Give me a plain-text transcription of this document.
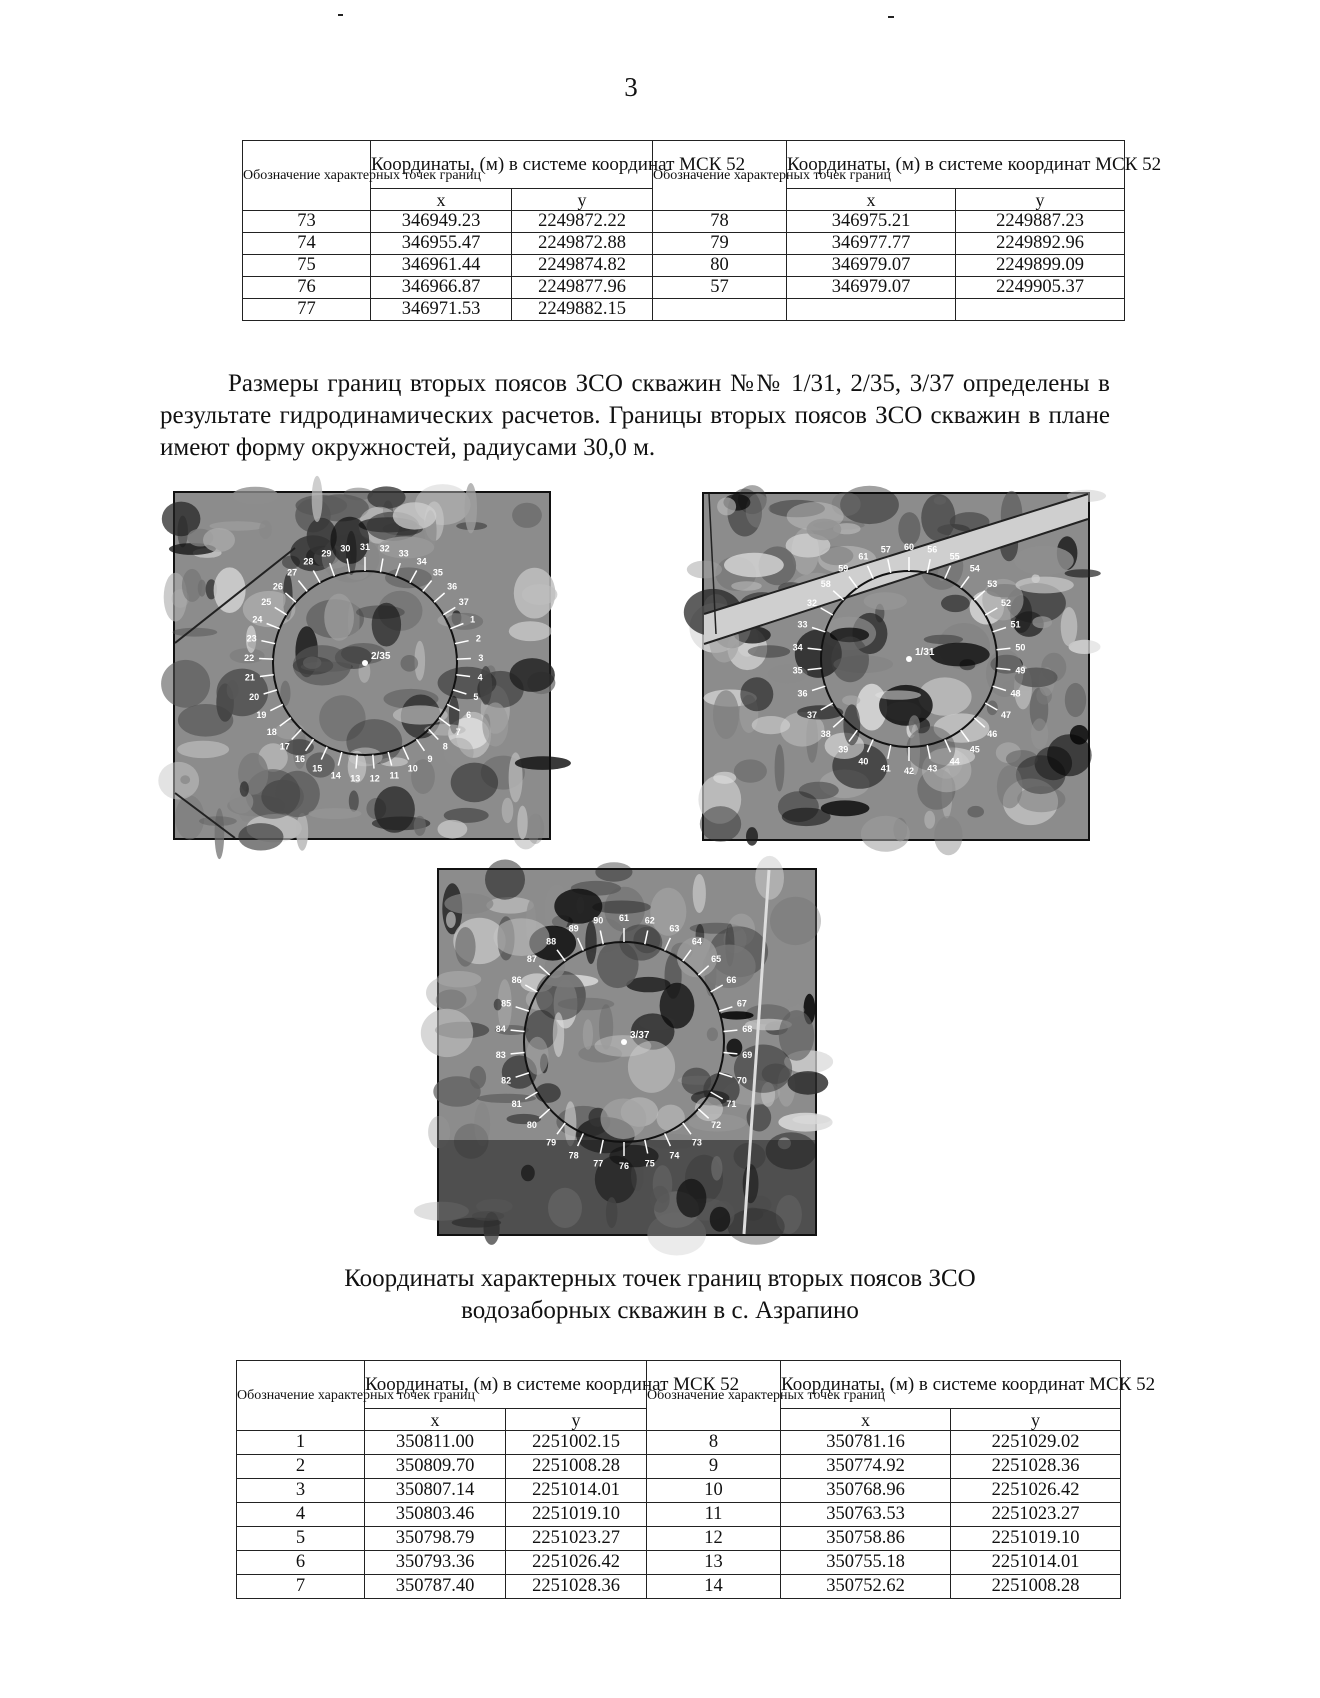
3
Обозначение характерных точек границ	Координаты, (м) в системе координат МСК 52		Обозначение характерных точек границ	Координаты, (м) в системе координат МСК 52	
	x	y		x	y
73	346949.23	2249872.22	78	346975.21	2249887.23
74	346955.47	2249872.88	79	346977.77	2249892.96
75	346961.44	2249874.82	80	346979.07	2249899.09
76	346966.87	2249877.96	57	346979.07	2249905.37
77	346971.53	2249882.15			
Размеры границ вторых поясов ЗСО скважин №№ 1/31, 2/35, 3/37 определены в результате гидродинамических расчетов. Границы вторых поясов ЗСО скважин в плане имеют форму окружностей, радиусами 30,0 м.
31 32 33
34
35
36
37
1
2
3
4
5
6
7
8
9
10
11
12
13
14
15
16
17
18
19
20
21
22
23
24
25
26
27
28
29 30
2/35
60 56
55
54
53
52
51
50
49
48
47
46
45
44
43
42
41
40
39
38
37
36
35
34
33
32
58
59
61
57
1/31
61 62
63
64
65
66
67
68
69
70
71
72
73
74
75
76
77
78
79
80
81
82
83
84
85
86
87
88
89
90
3/37
Координаты характерных точек границ вторых поясов ЗСО
водозаборных скважин в с. Азрапино
Обозначение характерных точек границ	Координаты, (м) в системе координат МСК 52		Обозначение характерных точек границ	Координаты, (м) в системе координат МСК 52	
	x	y		x	y
1	350811.00	2251002.15	8	350781.16	2251029.02
2	350809.70	2251008.28	9	350774.92	2251028.36
3	350807.14	2251014.01	10	350768.96	2251026.42
4	350803.46	2251019.10	11	350763.53	2251023.27
5	350798.79	2251023.27	12	350758.86	2251019.10
6	350793.36	2251026.42	13	350755.18	2251014.01
7	350787.40	2251028.36	14	350752.62	2251008.28
